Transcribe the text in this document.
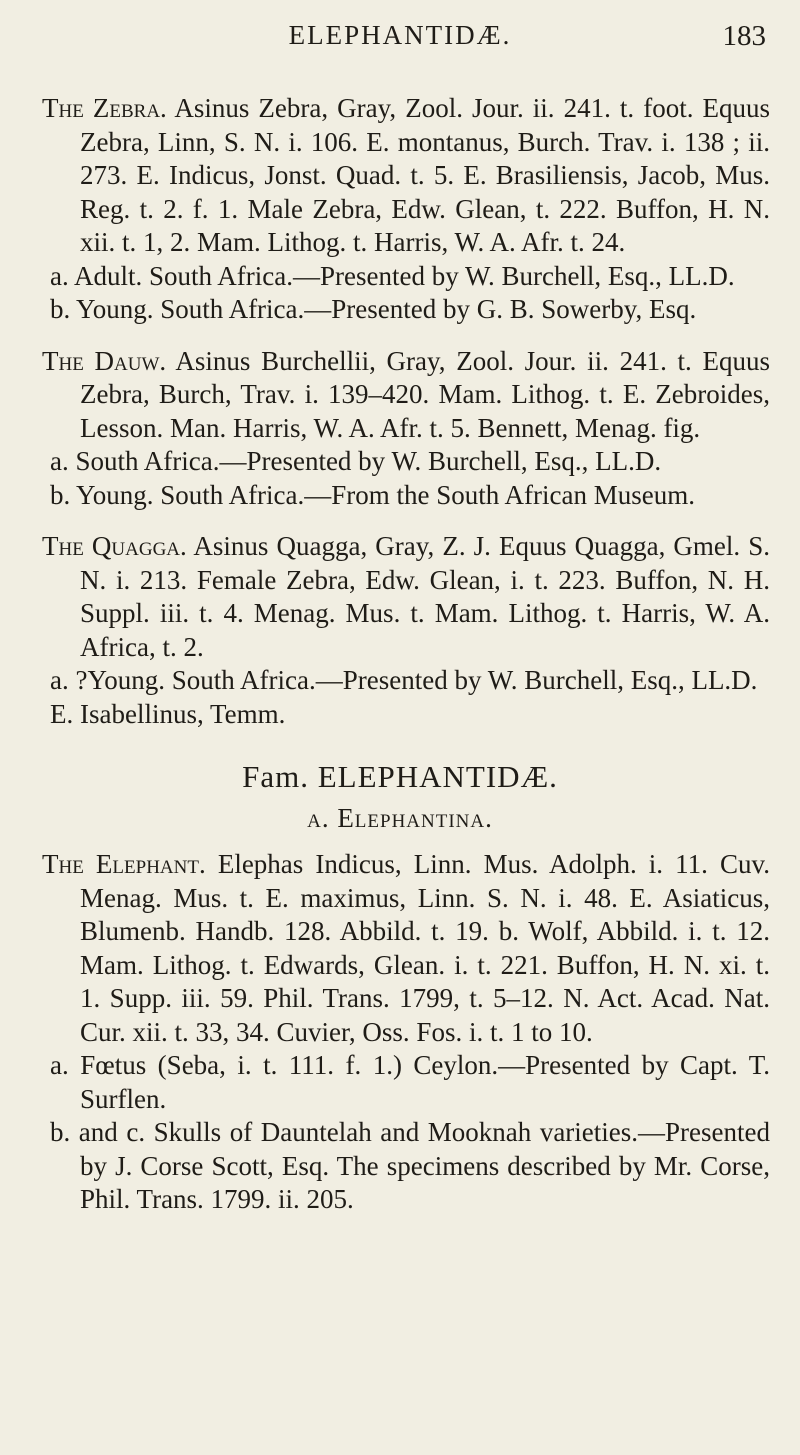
ELEPHANTIDÆ.	183

The Zebra. Asinus Zebra, Gray, Zool. Jour. ii. 241. t. foot. Equus Zebra, Linn, S. N. i. 106. E. montanus, Burch. Trav. i. 138 ; ii. 273. E. Indicus, Jonst. Quad. t. 5. E. Brasiliensis, Jacob, Mus. Reg. t. 2. f. 1. Male Zebra, Edw. Glean, t. 222. Buffon, H. N. xii. t. 1, 2. Mam. Lithog. t. Harris, W. A. Afr. t. 24.

a. Adult. South Africa.—Presented by W. Burchell, Esq., LL.D.

b. Young. South Africa.—Presented by G. B. Sowerby, Esq.

The Dauw. Asinus Burchellii, Gray, Zool. Jour. ii. 241. t. Equus Zebra, Burch, Trav. i. 139–420. Mam. Lithog. t. E. Zebroides, Lesson. Man. Harris, W. A. Afr. t. 5. Bennett, Menag. fig.

a. South Africa.—Presented by W. Burchell, Esq., LL.D.

b. Young. South Africa.—From the South African Museum.

The Quagga. Asinus Quagga, Gray, Z. J. Equus Quagga, Gmel. S. N. i. 213. Female Zebra, Edw. Glean, i. t. 223. Buffon, N. H. Suppl. iii. t. 4. Menag. Mus. t. Mam. Lithog. t. Harris, W. A. Africa, t. 2.

a. ?Young. South Africa.—Presented by W. Burchell, Esq., LL.D.

E. Isabellinus, Temm.

Fam. ELEPHANTIDÆ.
a. Elephantina.

The Elephant. Elephas Indicus, Linn. Mus. Adolph. i. 11. Cuv. Menag. Mus. t. E. maximus, Linn. S. N. i. 48. E. Asiaticus, Blumenb. Handb. 128. Abbild. t. 19. b. Wolf, Abbild. i. t. 12. Mam. Lithog. t. Edwards, Glean. i. t. 221. Buffon, H. N. xi. t. 1. Supp. iii. 59. Phil. Trans. 1799, t. 5–12. N. Act. Acad. Nat. Cur. xii. t. 33, 34. Cuvier, Oss. Fos. i. t. 1 to 10.

a. Fœtus (Seba, i. t. 111. f. 1.) Ceylon.—Presented by Capt. T. Surflen.

b. and c. Skulls of Dauntelah and Mooknah varieties.—Presented by J. Corse Scott, Esq. The specimens described by Mr. Corse, Phil. Trans. 1799. ii. 205.
